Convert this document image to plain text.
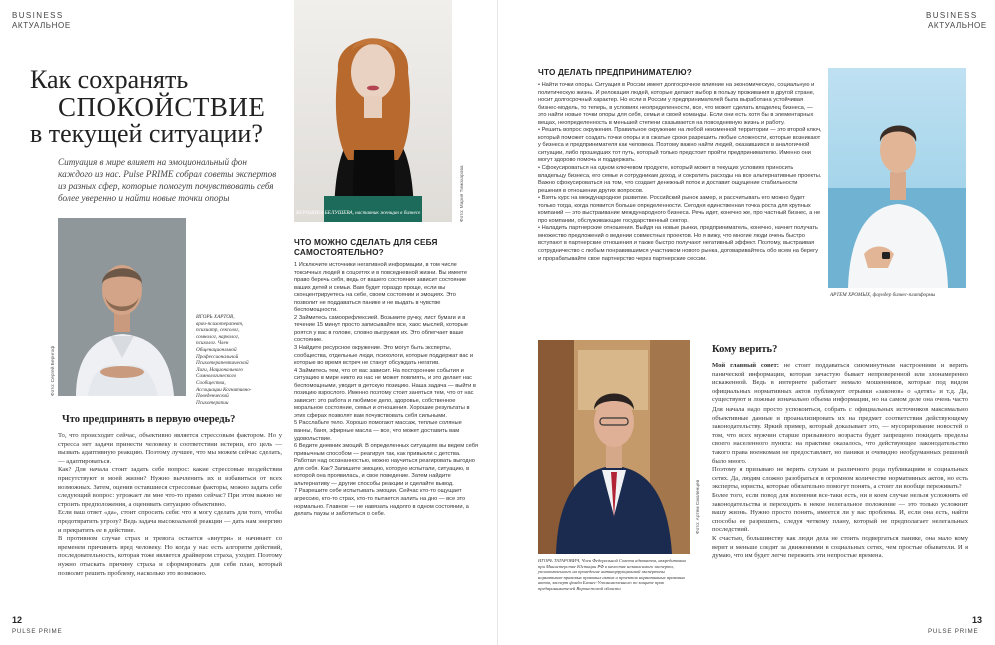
BUSINESS
АКТУАЛЬНОЕ
Как сохранять
СПОКОЙСТВИЕ
в текущей ситуации?
Ситуация в мире влияет на эмоциональный фон каждого из нас. Pulse PRIME собрал советы экспертов из разных сфер, которые помогут почувствовать себя более уверенно и найти новые точки опоры
Фото: Сергей Бернгоф
ИГОРЬ ХАРТОВ,
врач-психотерапевт,
психиатр, сексолог,
сомнолог, нарколог,
психолог. Член
Общенационльной
Профессиональной
Психотерапевтической
Лиги, Национального
Сомнологического
Сообщества,
Ассоциации Когнитивно-
Поведенческой
Психотерапии
Что предпринять в первую очередь?
То, что происходит сейчас, объективно является стрессовым фактором. Но у стресса нет задачи принести человеку в соответствии истерии, его цель — вызвать адаптивную реакцию. Поэтому лучшее, что мы можем сейчас сделать, — адаптироваться.
Как? Для начала стоит задать себе вопрос: какие стрессовые воздействия присутствуют в моей жизни? Нужно вычленить их и избавиться от всех возможных. Затем, оценив оставшиеся стрессовые факторы, можно задать себе следующий вопрос: угрожает ли мне что-то прямо сейчас? При этом важно не строить предположения, а оценивать ситуацию объективно.
Если ваш ответ «да», стоит спросить себя: что я могу сделать для того, чтобы предотвратить угрозу? Ведь задача высокоальной реакции — дать нам энергию и прекратить ее в действие.
В противном случае страх и тревога остается «внутри» и начинает со временем причинять вред человеку. Но когда у нас есть алгоритм действий, последовательность, которая тоже является драйвером страха, уходит. Поэтому нужно отыскать причину страха и сформировать для себя план, который позволит решить проблему, насколько это возможно.
ВЕРОНИКА БЕЛУШЕВА, наставник женщин в бизнесе	Фото: Мария Тимохарова
ЧТО МОЖНО СДЕЛАТЬ ДЛЯ СЕБЯ САМОСТОЯТЕЛЬНО?
1 Исключите источники негативной информации, в том числе токсичных людей в соцсетях и в повседневной жизни. Вы имеете право беречь себя, ведь от вашего состояния зависит состояние ваших детей и семьи. Вам будет гораздо проще, если вы сконцентрируетесь на себе, своем состоянии и эмоциях. Это позволит не поддаваться панике и не выдать в чувстве беспомощности.
2 Займитесь самоорефлексией. Возьмите ручку, лист бумаги и в течение 15 минут просто записывайте все, хаос мыслей, которые роятся у вас в голове, словно выгружая их. Это облегчает ваше состояние.
3 Найдите ресурсное окружение. Это могут быть эксперты, сообщества, отдельные люди, психологи, которые поддержат вас и которые во время встреч не станут обсуждать негатив.
4 Займитесь тем, что от вас зависит. На посторонние события и ситуацию в мире никто из нас не может повлиять, и это делает нас беспомощными, уводит в детскую позицию. Наша задача — выйти в позицию взрослого. Именно поэтому стоит заняться тем, что от нас зависит: это работа и любимое дело, здоровье, собственное моральное состояние, семья и отношения. Хорошие результаты в этих сферах позволят вам почувствовать себя сильными.
5 Расслабьте тело. Хорошо помогают массаж, теплые соляные ванны, баня, эфирные масла — все, что может доставить вам удовольствие.
6 Ведите дневник эмоций. В определенных ситуациях вы ведем себя привычным способом — реагируя так, как привыкли с детства. Работая над осознанностью, можно научиться реагировать выгодно для себя. Как? Запишите эмоцию, которую испытали, ситуацию, в которой она проявилась, и свое поведение. Затем найдите альтернативу — другие способы реакции и сделайте вывод.
7 Разрешите себе испытывать эмоции. Сейчас кто-то ощущает агрессию, кто-то страх, кто-то пытается залить на дно — все это нормально. Главное — не навязать надолго в одном состоянии, а делать паузы и заботиться о себе.
12
PULSE PRIME
BUSINESS
АКТУАЛЬНОЕ
ЧТО ДЕЛАТЬ ПРЕДПРИНИМАТЕЛЮ?
• Найти точки опоры. Ситуация в России имеет долгосрочное влияние на экономическую, социальную и политическую жизнь. И релокация людей, которые делают выбор в пользу проживания в другой стране, носит долгосрочный характер. Но если в России у предпринимателей была выработана устойчивая бизнес-модель, то теперь, в условиях неопределенности, все, что может сделать владелец бизнеса, — это найти новые точки опоры для себя, семьи и своей команды. Если они есть хотя бы в элементарных вещах, неопределенность в меньшей степени сказывается на повседневную жизнь и работу.
• Решить вопрос окружения. Правильное окружение на любой неизменной территории — это второй ключ, который поможет создать точки опоры и в сжатые сроки разрешить любые сложности, которые возникают у бизнеса и предпринимателя как человека. Поэтому важно найти людей, оказавшихся в аналогичной ситуации, либо прошедших тот путь, который только предстоит пройти предпринимателю. Именно они могут здорово помочь и поддержать.
• Сфокусироваться на одном ключевом продукте, который может в текущих условиях приносить владельцу бизнеса, его семье и сотрудникам доход, и сократить расходы на все альтернативные проекты. Важно сфокусироваться на том, что создает денежный поток и доставит ощущение стабильности решения в отношении других вопросов.
• Взять курс на международное развитие. Российский рынок замер, и рассчитывать его можно будет только тогда, когда появится больше определенности. Сегодня единственная точка роста для крупных компаний — это выстраивание международного бизнеса. Речь идет, конечно же, про частный бизнес, а не про компании, обслуживающие государственный сектор.
• Наладить партнерские отношения. Выйдя на новые рынки, предприниматель, конечно, начнет получать множество предложений о ведении совместных проектов. Но я вижу, что многие люди очень быстро вступают в партнерские отношения и также быстро получают негативный эффект. Поэтому, выстраивая сотрудничество с любым понравившимся участником нового рынка, договаривайтесь обо всем на берегу и прорабатывайте свое партнерство через партнерские сессии.
АРТЕМ ХРОМЫХ, фаундер бизнес-платформы
Фото: Артем Смоленцев
ИГОРЬ ТАТАРОВИЧ, Член Федеральной Совета адвокатов, аккредитован при Министерстве Юстиции РФ в качестве независимого эксперта, уполномоченного на проведение антикоррупционной экспертизы нормативно-правовых правовых актов и проектов нормативных правовых актов, эксперт фонда Бизнес-Уполномоченного по защите прав предпринимателей Воронежской области
Кому верить?
Мой главный совет: не стоит поддаваться сиюминутным настроениям и верить панической информации, которая зачастую бывает непроверенной или злонамеренно искаженной. Ведь в интернете работает немало мошенников, которые под видом официальных нормативных актов публикуют отрывки «законов» о «детях» и т.д. Да, существуют и ложные изначально объема информации, но на самом деле она очень часто
Для начала надо просто успокоиться, собрать с официальных источников максимально объективные данные и проанализировать их на предмет соответствия действующему законодательству. Яркий пример, который доказывает это, — мусорирование новостей о том, что всех мужчин старше призывного возраста будет запрещено покидать пределы своего населенного пункта: на практике оказалось, что действующее законодательство такого права военкомам не предоставляет, но паники и очевидно необдуманных решений было много.
Поэтому я призываю не верить слухам и различного рода публикациям в социальных сетях. Да, людям сложно разобраться в огромном количестве нормативных актов, но есть эксперты, юристы, которые обязательно помогут понять, а стоит ли вообще переживать?
Более того, если повод для волнения все-таки есть, ни в коем случае нельзя усложнять её законодательства и переходить в некое нелегальное положение — это только усложнит вашу жизнь. Нужно просто понять, имеется ли у вас проблема. И, если она есть, найти способы ее разрешить, следуя четкому плану, который не предполагает нелегальных последствий.
К счастью, большинству как люди дела не стоить подвергаться панике, она мало кому верит и меньше следят за движениями в социальных сетях, чем простые обыватели. И я думаю, что им будет легче пережить эти непростые времена.
13
PULSE PRIME
